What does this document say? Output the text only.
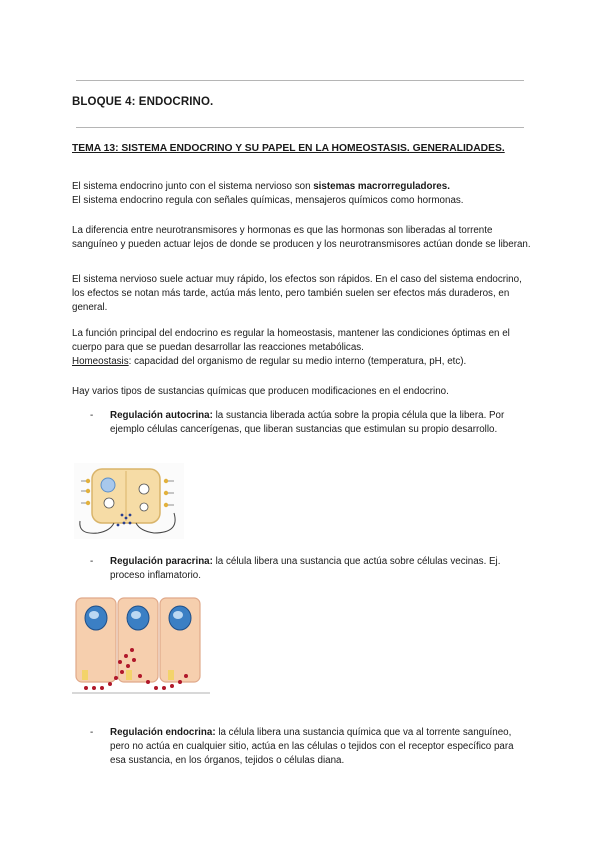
BLOQUE 4: ENDOCRINO.
TEMA 13: SISTEMA ENDOCRINO Y SU PAPEL EN LA HOMEOSTASIS. GENERALIDADES.
El sistema endocrino junto con el sistema nervioso son sistemas macrorreguladores.
El sistema endocrino regula con señales químicas, mensajeros químicos como hormonas.
La diferencia entre neurotransmisores y hormonas es que las hormonas son liberadas al torrente sanguíneo y pueden actuar lejos de donde se producen y los neurotransmisores actúan donde se liberan.
El sistema nervioso suele actuar muy rápido, los efectos son rápidos. En el caso del sistema endocrino, los efectos se notan más tarde, actúa más lento, pero también suelen ser efectos más duraderos, en general.
La función principal del endocrino es regular la homeostasis, mantener las condiciones óptimas en el cuerpo para que se puedan desarrollar las reacciones metabólicas.
Homeostasis: capacidad del organismo de regular su medio interno (temperatura, pH, etc).
Hay varios tipos de sustancias químicas que producen modificaciones en el endocrino.
- Regulación autocrina: la sustancia liberada actúa sobre la propia célula que la libera. Por ejemplo células cancerígenas, que liberan sustancias que estimulan su propio desarrollo.
- Regulación paracrina: la célula libera una sustancia que actúa sobre células vecinas. Ej. proceso inflamatorio.
- Regulación endocrina: la célula libera una sustancia química que va al torrente sanguíneo, pero no actúa en cualquier sitio, actúa en las células o tejidos con el receptor específico para esa sustancia, en los órganos, tejidos o células diana.
